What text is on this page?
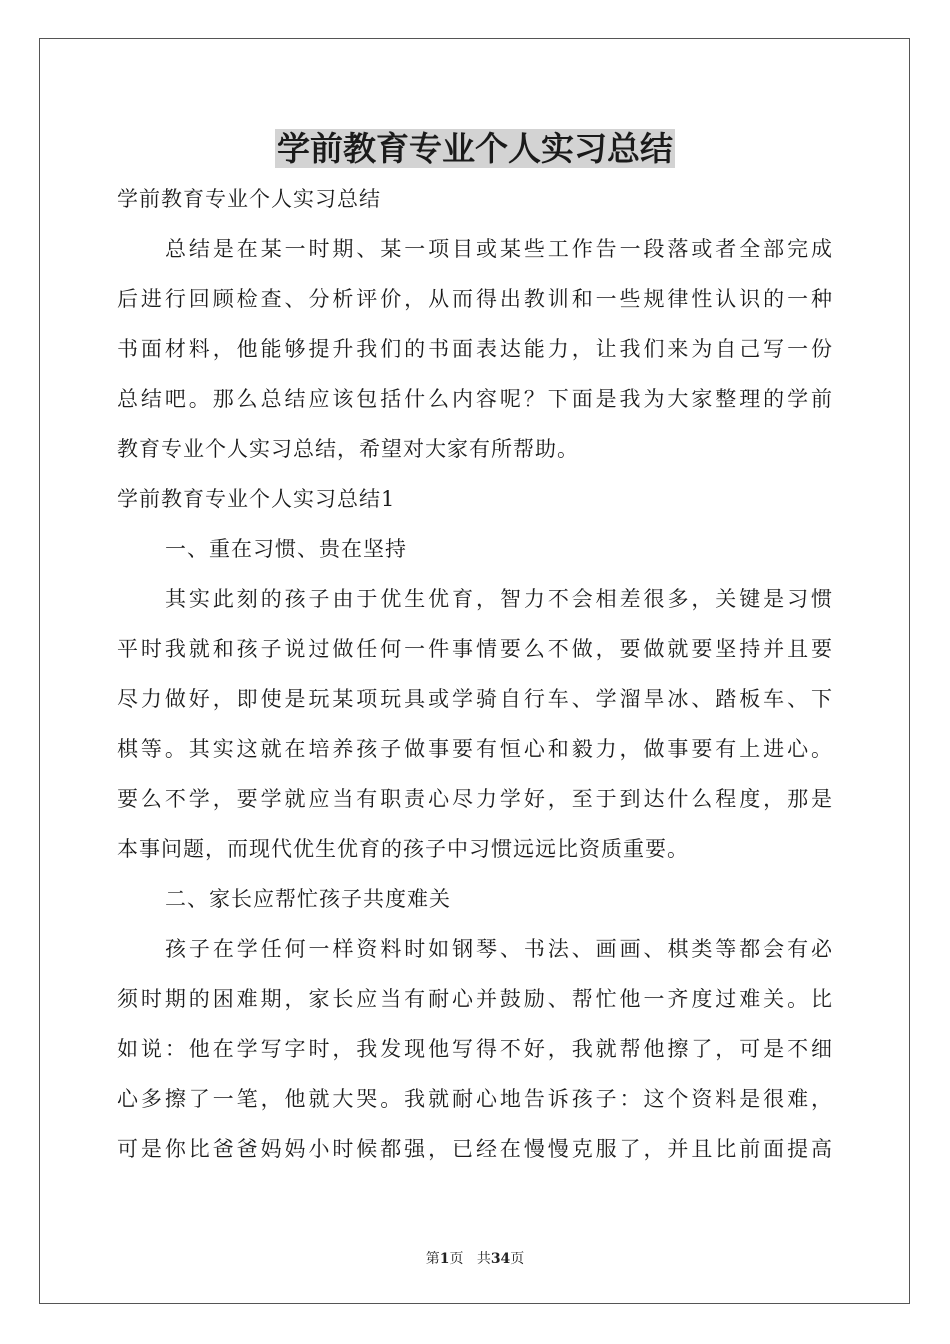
学前教育专业个人实习总结
学前教育专业个人实习总结
总结是在某一时期、某一项目或某些工作告一段落或者全部完成
后进行回顾检查、分析评价，从而得出教训和一些规律性认识的一种
书面材料，他能够提升我们的书面表达能力，让我们来为自己写一份
总结吧。那么总结应该包括什么内容呢？下面是我为大家整理的学前
教育专业个人实习总结，希望对大家有所帮助。
学前教育专业个人实习总结1
一、重在习惯、贵在坚持
其实此刻的孩子由于优生优育，智力不会相差很多，关键是习惯
平时我就和孩子说过做任何一件事情要么不做，要做就要坚持并且要
尽力做好，即使是玩某项玩具或学骑自行车、学溜旱冰、踏板车、下
棋等。其实这就在培养孩子做事要有恒心和毅力，做事要有上进心。
要么不学，要学就应当有职责心尽力学好，至于到达什么程度，那是
本事问题，而现代优生优育的孩子中习惯远远比资质重要。
二、家长应帮忙孩子共度难关
孩子在学任何一样资料时如钢琴、书法、画画、棋类等都会有必
须时期的困难期，家长应当有耐心并鼓励、帮忙他一齐度过难关。比
如说：他在学写字时，我发现他写得不好，我就帮他擦了，可是不细
心多擦了一笔，他就大哭。我就耐心地告诉孩子：这个资料是很难，
可是你比爸爸妈妈小时候都强，已经在慢慢克服了，并且比前面提高
第1页 共34页
